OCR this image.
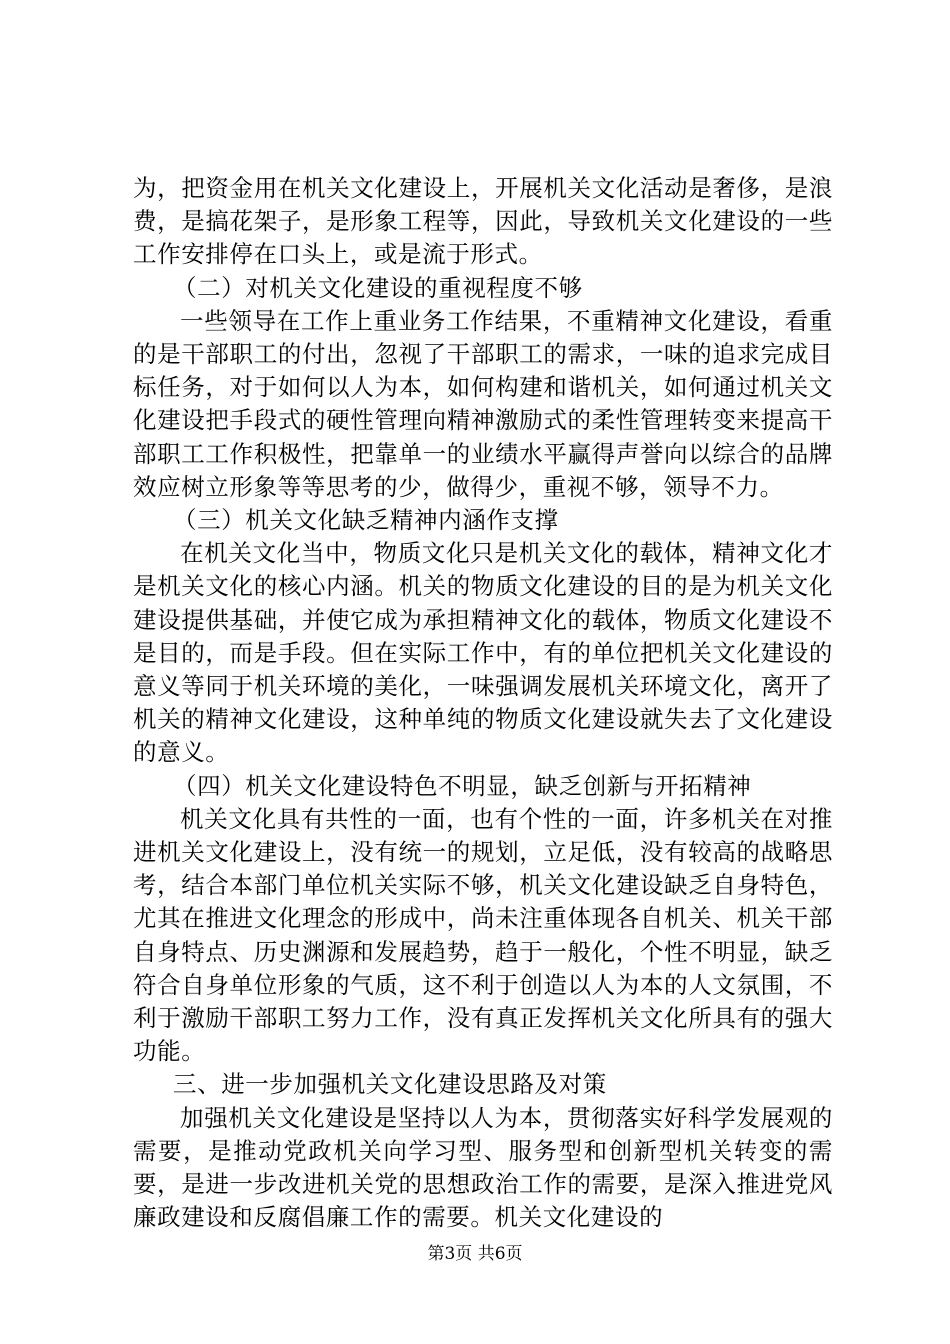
为，把资金用在机关文化建设上，开展机关文化活动是奢侈，是浪费，是搞花架子，是形象工程等，因此，导致机关文化建设的一些工作安排停在口头上，或是流于形式。

（二）对机关文化建设的重视程度不够

一些领导在工作上重业务工作结果，不重精神文化建设，看重的是干部职工的付出，忽视了干部职工的需求，一味的追求完成目标任务，对于如何以人为本，如何构建和谐机关，如何通过机关文化建设把手段式的硬性管理向精神激励式的柔性管理转变来提高干部职工工作积极性，把靠单一的业绩水平赢得声誉向以综合的品牌效应树立形象等等思考的少，做得少，重视不够，领导不力。

（三）机关文化缺乏精神内涵作支撑

在机关文化当中，物质文化只是机关文化的载体，精神文化才是机关文化的核心内涵。机关的物质文化建设的目的是为机关文化建设提供基础，并使它成为承担精神文化的载体，物质文化建设不是目的，而是手段。但在实际工作中，有的单位把机关文化建设的意义等同于机关环境的美化，一味强调发展机关环境文化，离开了机关的精神文化建设，这种单纯的物质文化建设就失去了文化建设的意义。

（四）机关文化建设特色不明显，缺乏创新与开拓精神

机关文化具有共性的一面，也有个性的一面，许多机关在对推进机关文化建设上，没有统一的规划，立足低，没有较高的战略思考，结合本部门单位机关实际不够，机关文化建设缺乏自身特色，尤其在推进文化理念的形成中，尚未注重体现各自机关、机关干部自身特点、历史渊源和发展趋势，趋于一般化，个性不明显，缺乏符合自身单位形象的气质，这不利于创造以人为本的人文氛围，不利于激励干部职工努力工作，没有真正发挥机关文化所具有的强大功能。

三、进一步加强机关文化建设思路及对策

加强机关文化建设是坚持以人为本，贯彻落实好科学发展观的需要，是推动党政机关向学习型、服务型和创新型机关转变的需要，是进一步改进机关党的思想政治工作的需要，是深入推进党风廉政建设和反腐倡廉工作的需要。机关文化建设的

第3页 共6页
